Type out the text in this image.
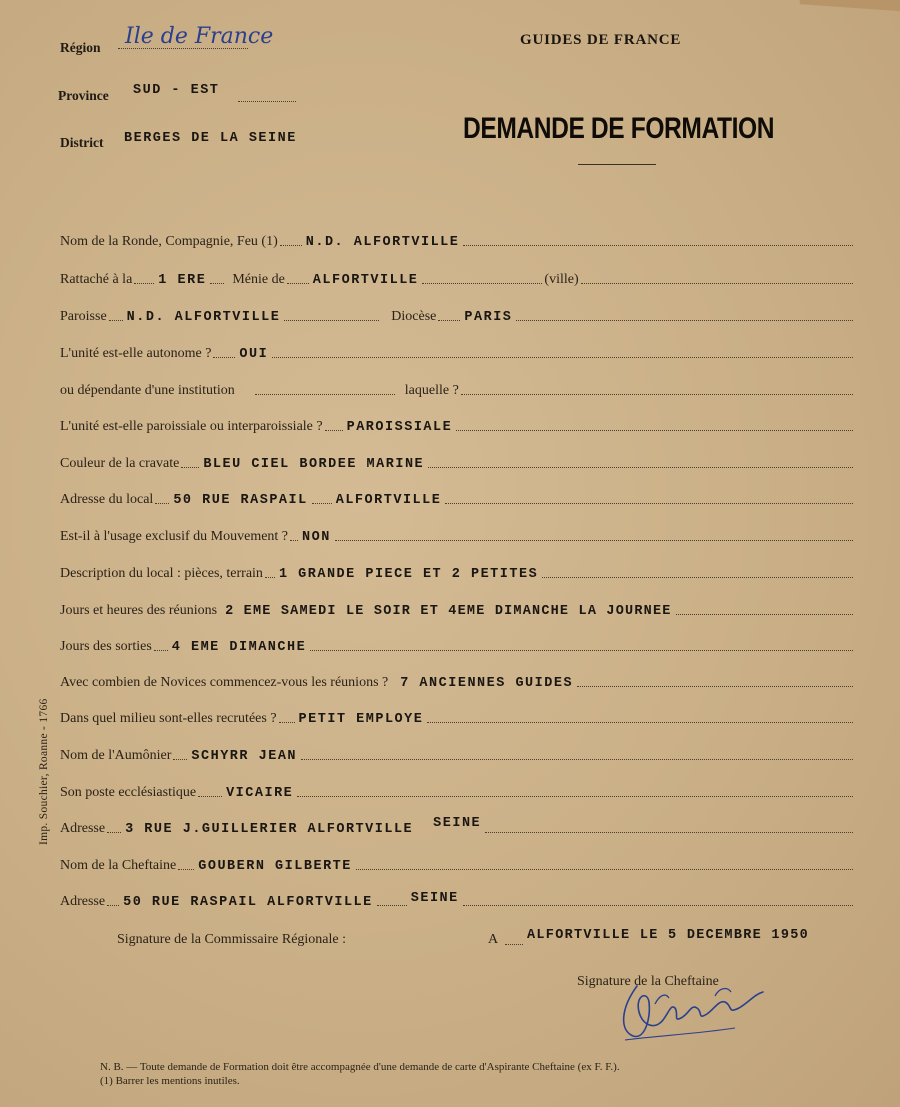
Région Ile de France
Province SUD - EST
District BERGES DE LA SEINE
GUIDES DE FRANCE
DEMANDE DE FORMATION
Imp. Souchier, Roanne - 1766
Nom de la Ronde, Compagnie, Feu (1) N.D. ALFORTVILLE
Rattaché à la 1 ERE Ménie de ALFORTVILLE	(ville)
Paroisse N.D. ALFORTVILLE	Diocèse PARIS
L'unité est-elle autonome ? OUI
ou dépendante d'une institution	laquelle ?
L'unité est-elle paroissiale ou interparoissiale ? PAROISSIALE
Couleur de la cravate BLEU CIEL BORDEE MARINE
Adresse du local 50 RUE RASPAIL ALFORTVILLE
Est-il à l'usage exclusif du Mouvement ? NON
Description du local : pièces, terrain 1 GRANDE PIECE ET 2 PETITES
Jours et heures des réunions 2 EME SAMEDI LE SOIR ET 4EME DIMANCHE LA JOURNEE
Jours des sorties 4 EME DIMANCHE
Avec combien de Novices commencez-vous les réunions ? 7 ANCIENNES GUIDES
Dans quel milieu sont-elles recrutées ? PETIT EMPLOYE
Nom de l'Aumônier SCHYRR JEAN
Son poste ecclésiastique VICAIRE
Adresse 3 RUE J.GUILLERIER ALFORTVILLE SEINE
Nom de la Cheftaine GOUBERN GILBERTE
Adresse 50 RUE RASPAIL ALFORTVILLE	SEINE
Signature de la Commissaire Régionale :	A ALFORTVILLE LE 5 DECEMBRE 1950
Signature de la Cheftaine
N. B. — Toute demande de Formation doit être accompagnée d'une demande de carte d'Aspirante Cheftaine (ex F. F.).
(1) Barrer les mentions inutiles.
